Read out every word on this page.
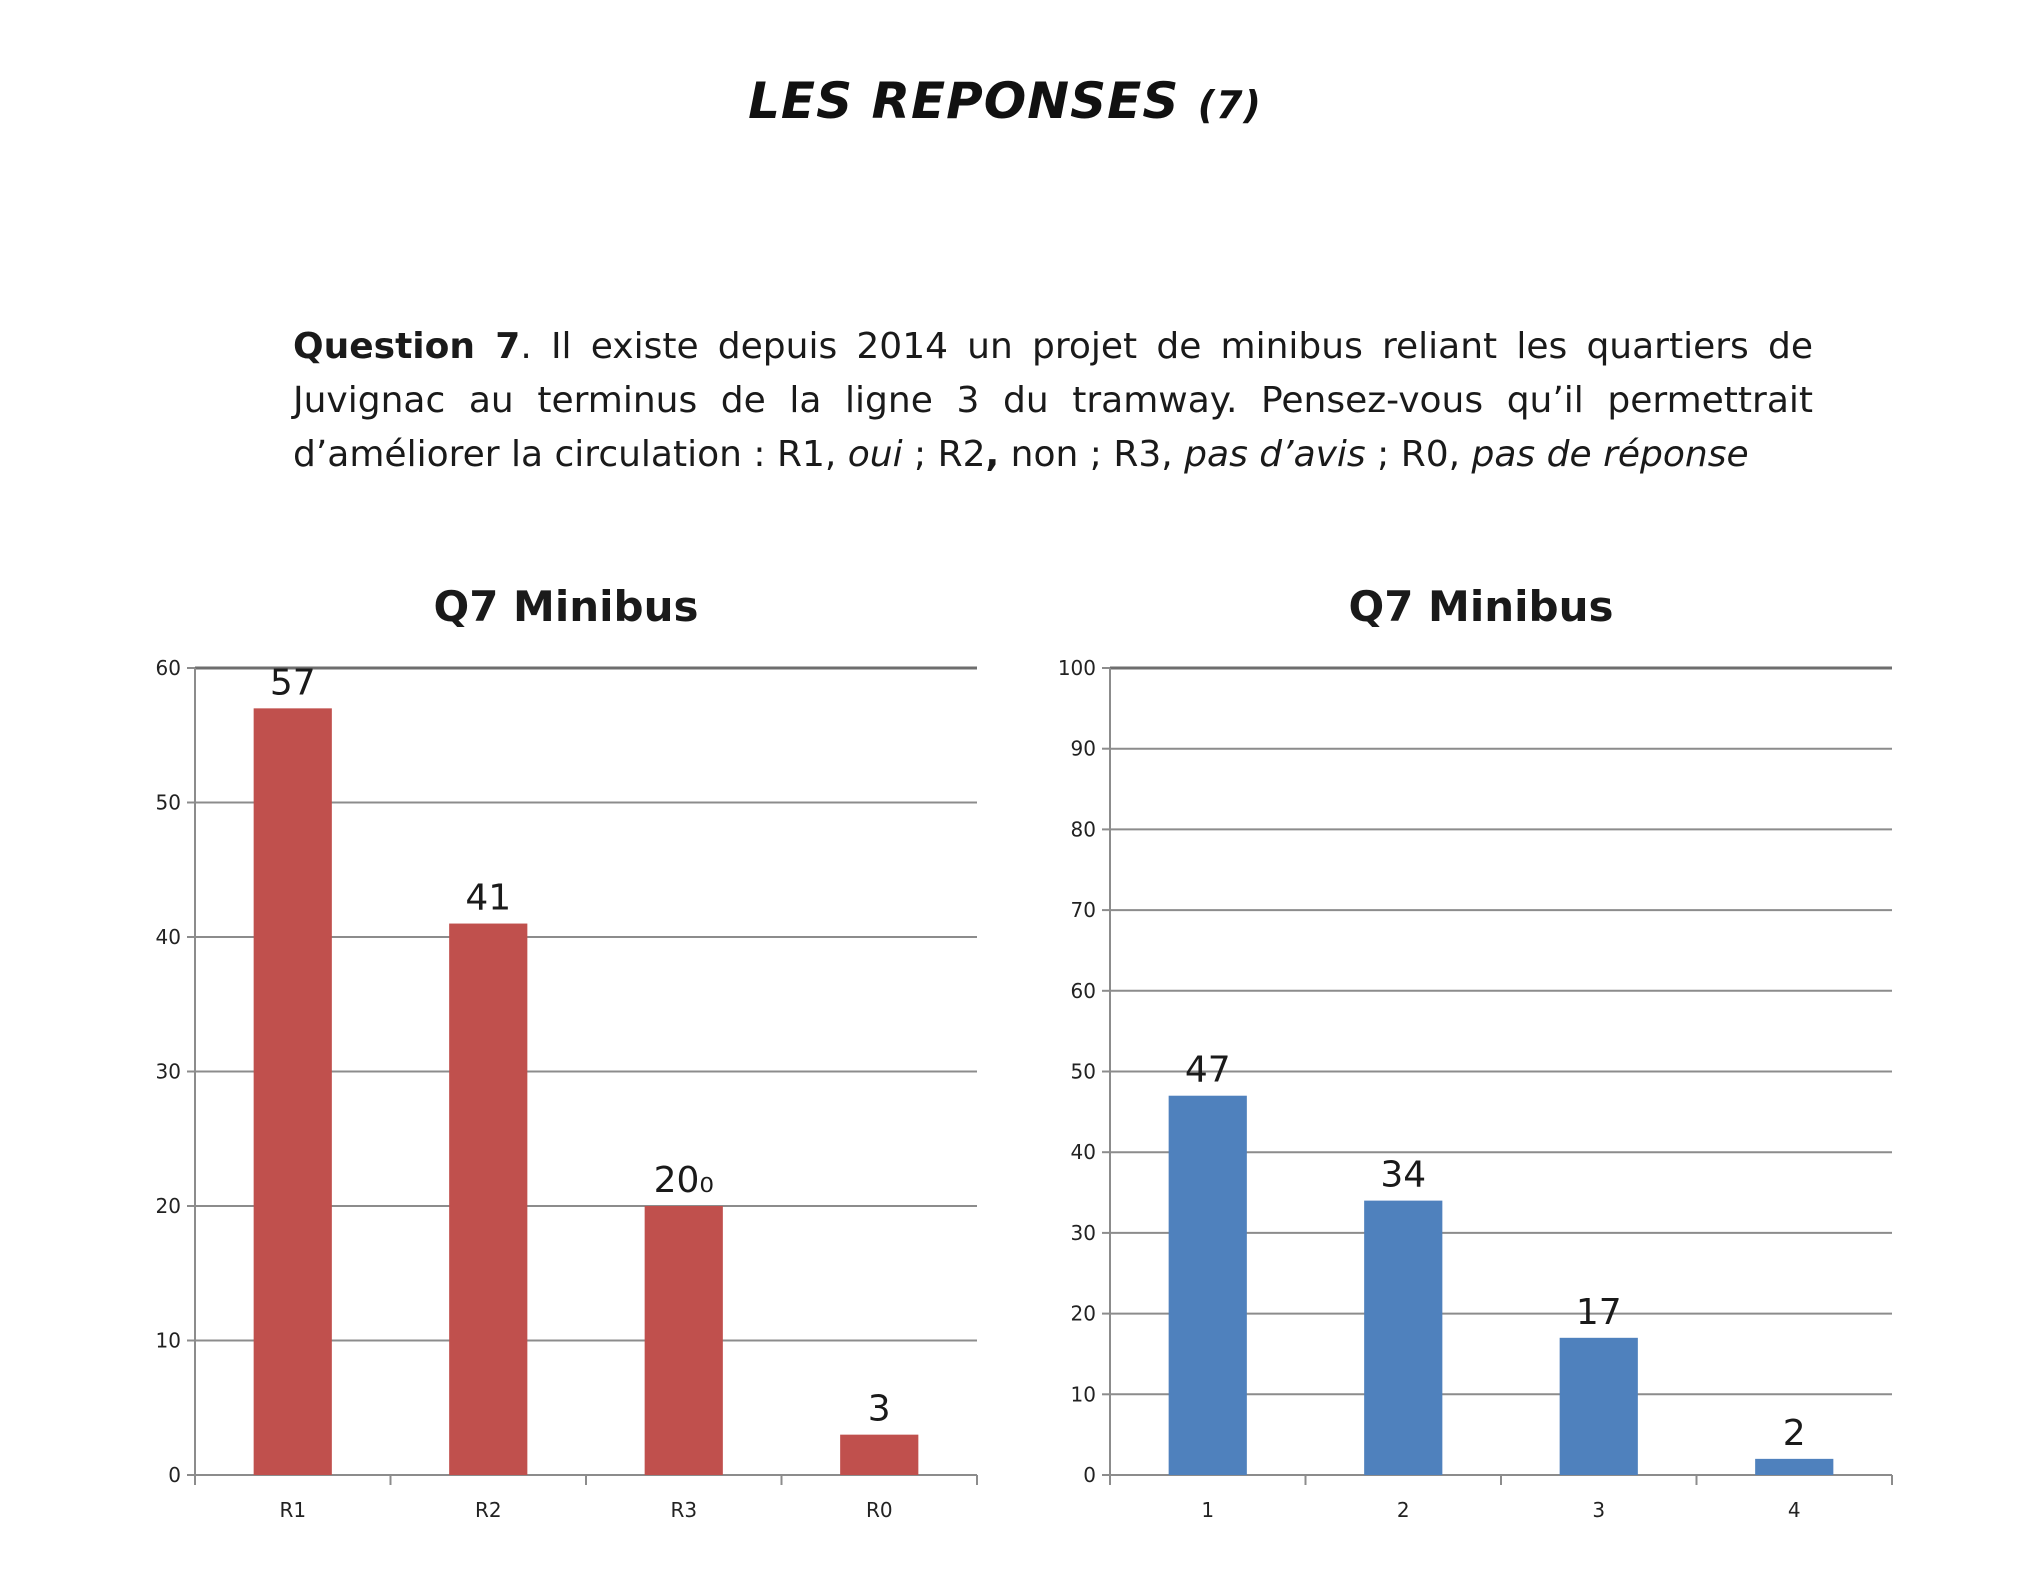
LES REPONSES (7)
Question 7. Il existe depuis 2014 un projet de minibus reliant les quartiers de Juvignac au terminus de la ligne 3 du tramway. Pensez-vous qu’il permettrait d’améliorer la circulation : R1, oui ; R2, non ; R3, pas d’avis ; R0, pas de réponse
Q7 Minibus
0
10
20
30
40
50
60 57
R1
41
R2
20₀
R3
3
R0
Q7 Minibus
0
10
20
30
40
50
60
70
80
90
100
47
1
34
2
17
3
2
4
